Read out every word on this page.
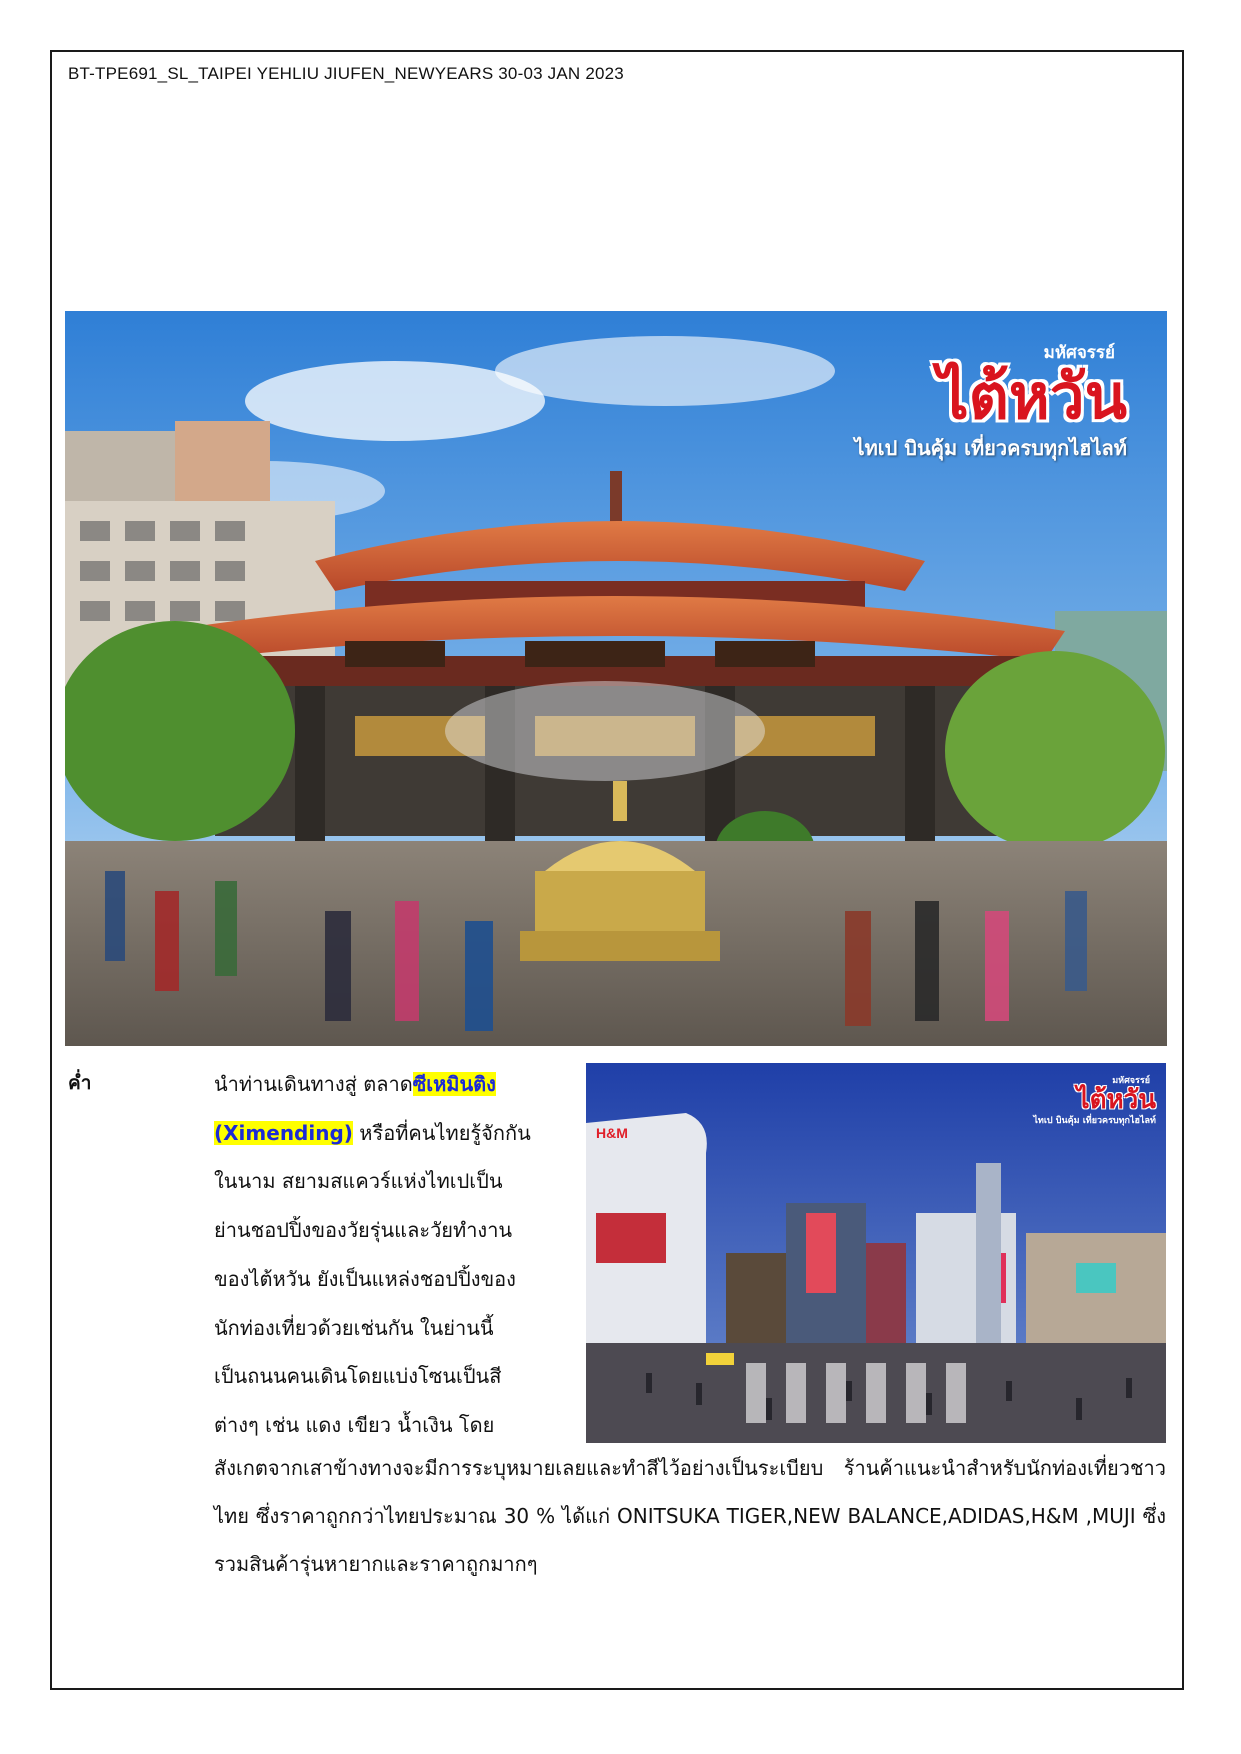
BT-TPE691_SL_TAIPEI YEHLIU JIUFEN_NEWYEARS 30-03 JAN 2023
มหัศจรรย์
ไต้หวัน
ไทเป บินคุ้ม เที่ยวครบทุกไฮไลท์
ค่ำ	นำท่านเดินทางสู่ ตลาดซีเหมินติง
(Ximending) หรือที่คนไทยรู้จักกัน
ในนาม สยามสแควร์แห่งไทเปเป็น
ย่านชอปปิ้งของวัยรุ่นและวัยทำงาน
ของไต้หวัน ยังเป็นแหล่งชอปปิ้งของ
นักท่องเที่ยวด้วยเช่นกัน ในย่านนี้
เป็นถนนคนเดินโดยแบ่งโซนเป็นสี
ต่างๆ เช่น แดง เขียว น้ำเงิน โดย
H&M
มหัศจรรย์
ไต้หวัน
ไทเป บินคุ้ม เที่ยวครบทุกไฮไลท์
สังเกตจากเสาข้างทางจะมีการระบุหมายเลยและทำสีไว้อย่างเป็นระเบียบ ร้านค้าแนะนำสำหรับนักท่องเที่ยวชาวไทย ซึ่งราคาถูกกว่าไทยประมาณ 30 % ได้แก่ ONITSUKA TIGER,NEW BALANCE,ADIDAS,H&M ,MUJI ซึ่งรวมสินค้ารุ่นหายากและราคาถูกมากๆ
